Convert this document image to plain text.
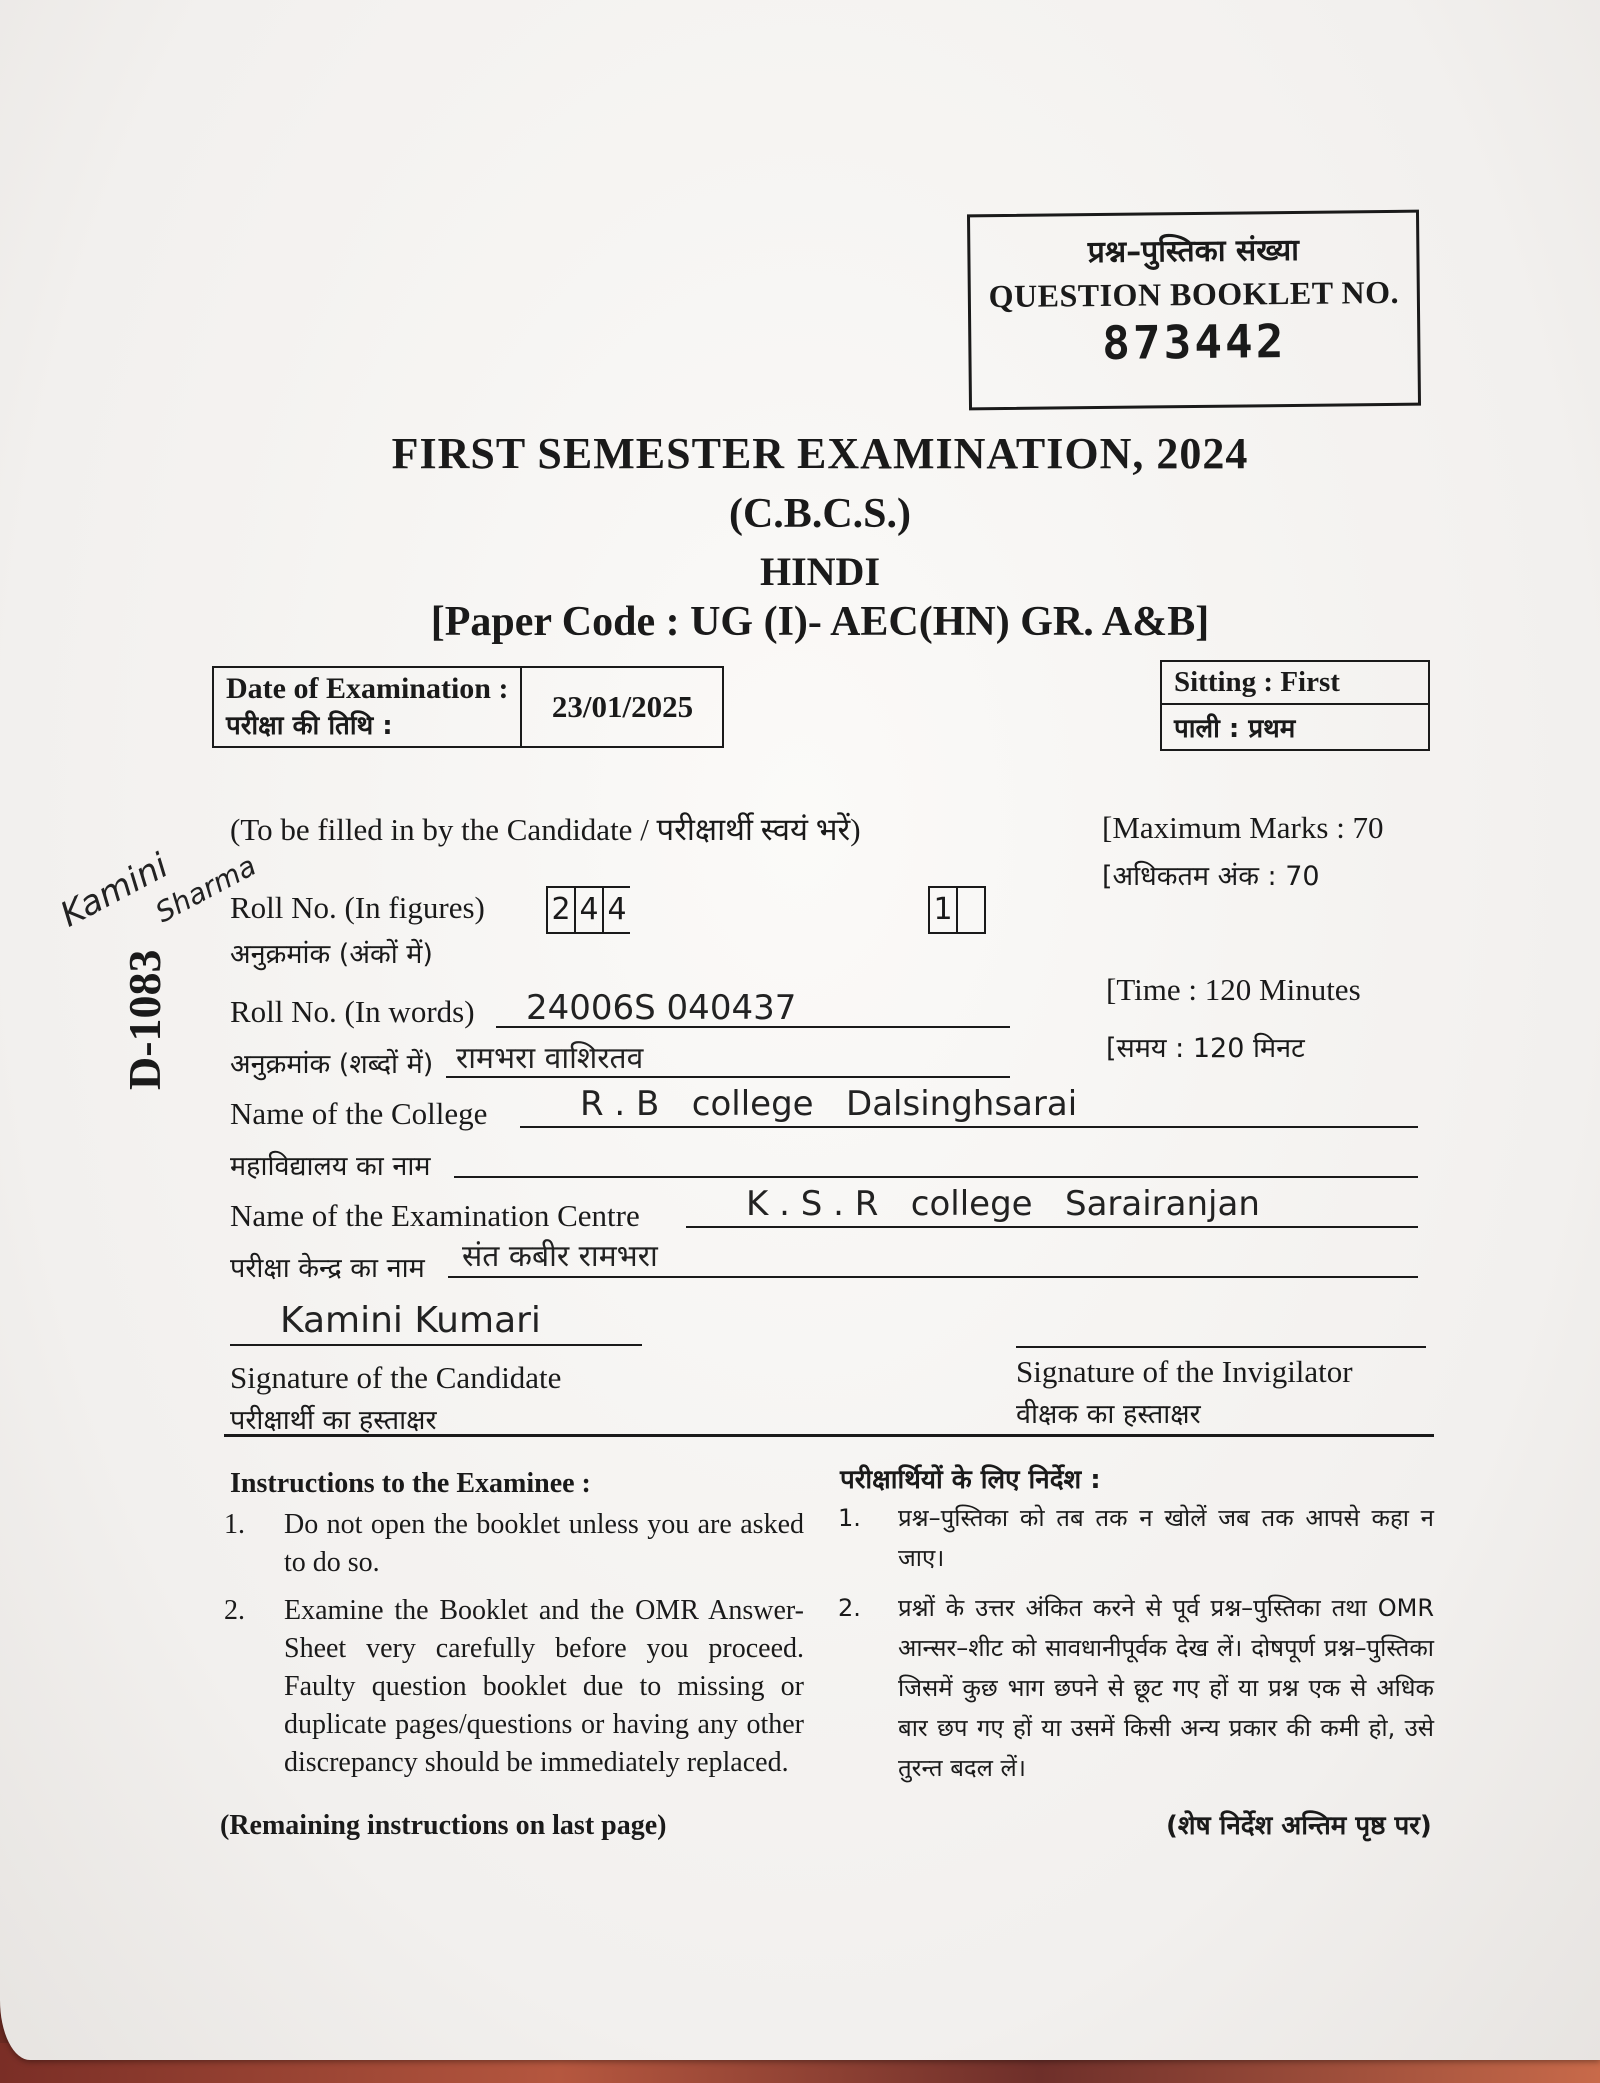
प्रश्न–पुस्तिका संख्या
QUESTION BOOKLET NO.
873442
FIRST SEMESTER EXAMINATION, 2024
(C.B.C.S.)
HINDI
[Paper Code : UG (I)- AEC(HN) GR. A&B]
Date of Examination :
परीक्षा की तिथि :
	23/01/2025
Sitting : First
पाली : प्रथम
D-1083
Kamini
Sharma
(To be filled in by the Candidate / परीक्षार्थी स्वयं भरें)	[Maximum Marks : 70
[अधिकतम अंक : 70
Roll No. (In figures)
अनुक्रमांक (अंकों में)
2 4 4	1
[Time : 120 Minutes
[समय : 120 मिनट
Roll No. (In words)	24006S 040437
अनुक्रमांक (शब्दों में) रामभरा वाशिरतव
Name of the College	R . B   college   Dalsinghsarai
महाविद्यालय का नाम
Name of the Examination Centre	K . S . R   college   Sarairanjan
परीक्षा केन्द्र का नाम	संत कबीर रामभरा
Kamini Kumari
Signature of the Candidate
परीक्षार्थी का हस्ताक्षर
Signature of the Invigilator
वीक्षक का हस्ताक्षर
Instructions to the Examinee :
1. Do not open the booklet unless you are asked to do so.
2. Examine the Booklet and the OMR Answer-Sheet very carefully before you proceed. Faulty question booklet due to missing or duplicate pages/questions or having any other discrepancy should be immediately replaced.
(Remaining instructions on last page)
परीक्षार्थियों के लिए निर्देश :
1. प्रश्न–पुस्तिका को तब तक न खोलें जब तक आपसे कहा न जाए।
2. प्रश्नों के उत्तर अंकित करने से पूर्व प्रश्न–पुस्तिका तथा OMR आन्सर–शीट को सावधानीपूर्वक देख लें। दोषपूर्ण प्रश्न–पुस्तिका जिसमें कुछ भाग छपने से छूट गए हों या प्रश्न एक से अधिक बार छप गए हों या उसमें किसी अन्य प्रकार की कमी हो, उसे तुरन्त बदल लें।
(शेष निर्देश अन्तिम पृष्ठ पर)
